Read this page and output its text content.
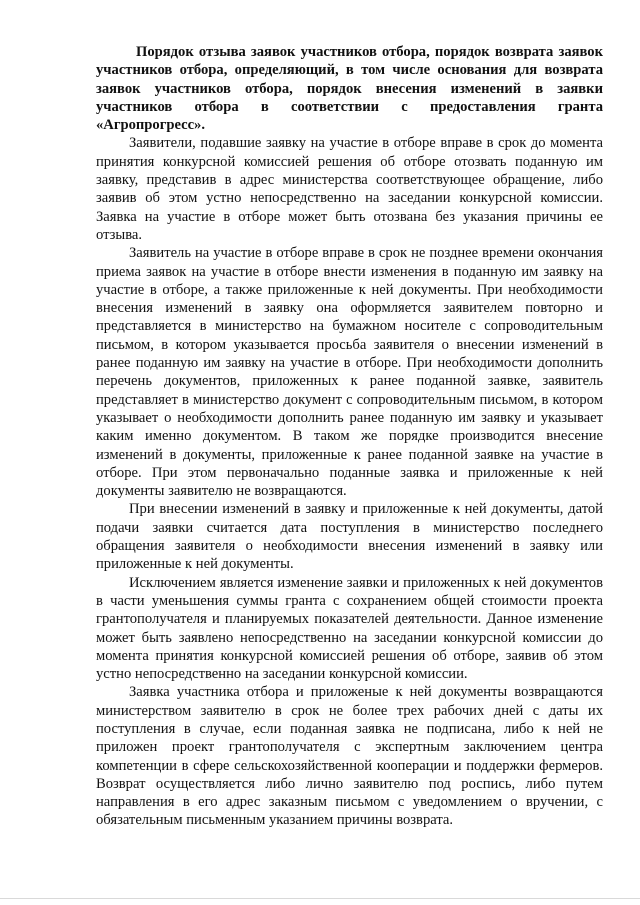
Порядок отзыва заявок участников отбора, порядок возврата заявок участников отбора, определяющий, в том числе основания для возврата заявок участников отбора, порядок внесения изменений в заявки участников отбора в соответствии с предоставления гранта «Агропрогресс».

Заявители, подавшие заявку на участие в отборе вправе в срок до момента принятия конкурсной комиссией решения об отборе отозвать поданную им заявку, представив в адрес министерства соответствующее обращение, либо заявив об этом устно непосредственно на заседании конкурсной комиссии. Заявка на участие в отборе может быть отозвана без указания причины ее отзыва.

Заявитель на участие в отборе вправе в срок не позднее времени окончания приема заявок на участие в отборе внести изменения в поданную им заявку на участие в отборе, а также приложенные к ней документы. При необходимости внесения изменений в заявку она оформляется заявителем повторно и представляется в министерство на бумажном носителе с сопроводительным письмом, в котором указывается просьба заявителя о внесении изменений в ранее поданную им заявку на участие в отборе. При необходимости дополнить перечень документов, приложенных к ранее поданной заявке, заявитель представляет в министерство документ с сопроводительным письмом, в котором указывает о необходимости дополнить ранее поданную им заявку и указывает каким именно документом. В таком же порядке производится внесение изменений в документы, приложенные к ранее поданной заявке на участие в отборе. При этом первоначально поданные заявка и приложенные к ней документы заявителю не возвращаются.

При внесении изменений в заявку и приложенные к ней документы, датой подачи заявки считается дата поступления в министерство последнего обращения заявителя о необходимости внесения изменений в заявку или приложенные к ней документы.

Исключением является изменение заявки и приложенных к ней документов в части уменьшения суммы гранта с сохранением общей стоимости проекта грантополучателя и планируемых показателей деятельности. Данное изменение может быть заявлено непосредственно на заседании конкурсной комиссии до момента принятия конкурсной комиссией решения об отборе, заявив об этом устно непосредственно на заседании конкурсной комиссии.

Заявка участника отбора и приложеные к ней документы возвращаются министерством заявителю в срок не более трех рабочих дней с даты их поступления в случае, если поданная заявка не подписана, либо к ней не приложен проект грантополучателя с экспертным заключением центра компетенции в сфере сельскохозяйственной кооперации и поддержки фермеров. Возврат осуществляется либо лично заявителю под роспись, либо путем направления в его адрес заказным письмом с уведомлением о вручении, с обязательным письменным указанием причины возврата.
